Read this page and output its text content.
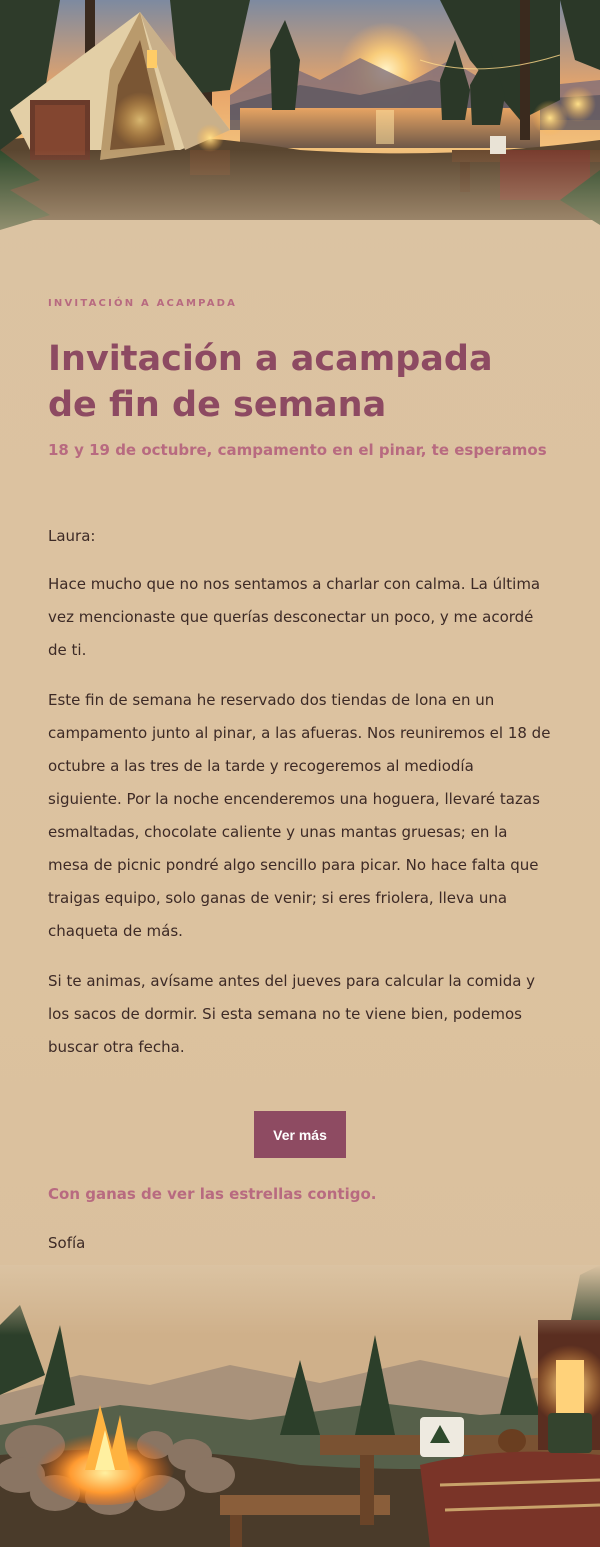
INVITACIÓN A ACAMPADA
Invitación a acampada de fin de semana
18 y 19 de octubre, campamento en el pinar, te esperamos

Laura:

Hace mucho que no nos sentamos a charlar con calma. La última vez mencionaste que querías desconectar un poco, y me acordé de ti.

Este fin de semana he reservado dos tiendas de lona en un campamento junto al pinar, a las afueras. Nos reuniremos el 18 de octubre a las tres de la tarde y recogeremos al mediodía siguiente. Por la noche encenderemos una hoguera, llevaré tazas esmaltadas, chocolate caliente y unas mantas gruesas; en la mesa de picnic pondré algo sencillo para picar. No hace falta que traigas equipo, solo ganas de venir; si eres friolera, lleva una chaqueta de más.

Si te animas, avísame antes del jueves para calcular la comida y los sacos de dormir. Si esta semana no te viene bien, podemos buscar otra fecha.

Ver más
Con ganas de ver las estrellas contigo.
Sofía
